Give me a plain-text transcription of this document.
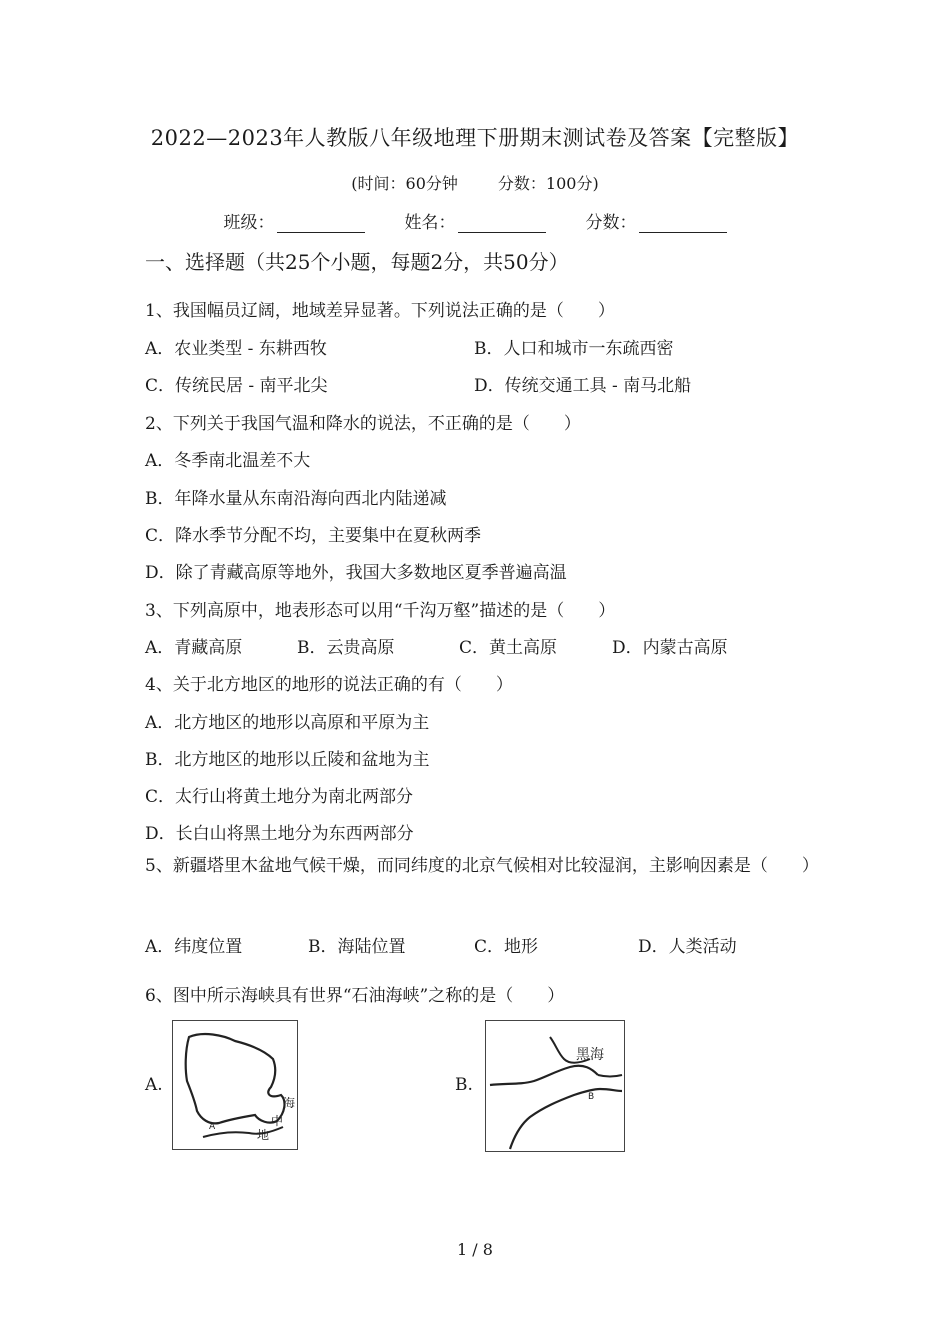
2022—2023年人教版八年级地理下册期末测试卷及答案【完整版】
(时间：60分钟	分数：100分)
班级：	姓名：	分数：
一、选择题（共25个小题，每题2分，共50分）
1、我国幅员辽阔，地域差异显著。下列说法正确的是（　　）
A．农业类型 - 东耕西牧	B．人口和城市一东疏西密
C．传统民居 - 南平北尖	D．传统交通工具 - 南马北船
2、下列关于我国气温和降水的说法，不正确的是（　　）
A．冬季南北温差不大
B．年降水量从东南沿海向西北内陆递减
C．降水季节分配不均，主要集中在夏秋两季
D．除了青藏高原等地外，我国大多数地区夏季普遍高温
3、下列高原中，地表形态可以用“千沟万壑”描述的是（　　）
A．青藏高原	B．云贵高原	C．黄土高原	D．内蒙古高原
4、关于北方地区的地形的说法正确的有（　　）
A．北方地区的地形以高原和平原为主
B．北方地区的地形以丘陵和盆地为主
C．太行山将黄土地分为南北两部分
D．长白山将黑土地分为东西两部分
5、新疆塔里木盆地气候干燥，而同纬度的北京气候相对比较湿润，主影响因素是（　　）
A．纬度位置	B．海陆位置	C．地形	D．人类活动
6、图中所示海峡具有世界“石油海峡”之称的是（　　）
A.
海
中
地
A
B.
黑海
B
1 / 8
